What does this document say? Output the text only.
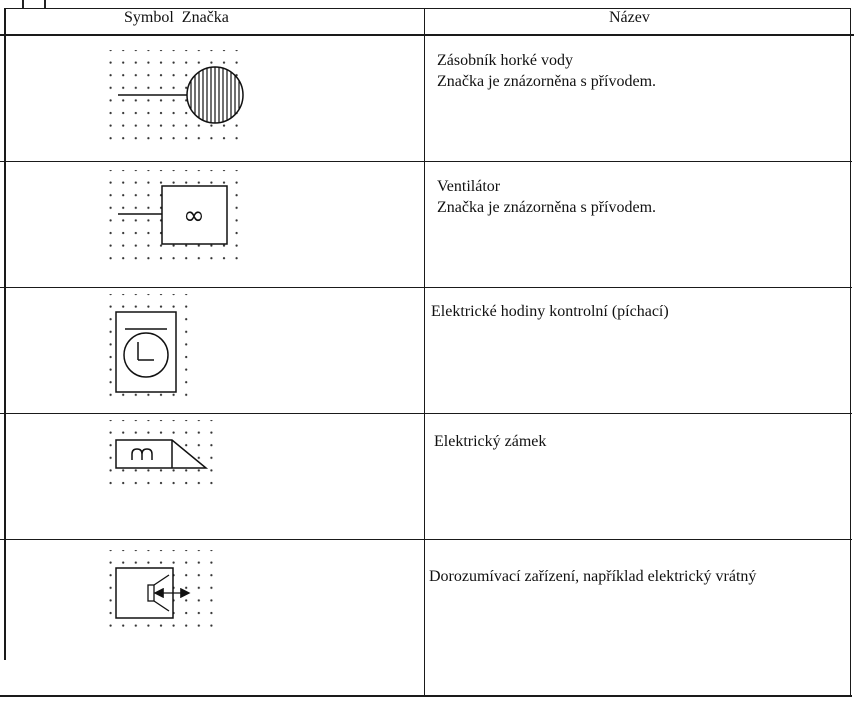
Symbol Značka	Název
Zásobník horké vody
Značka je znázorněna s přívodem.
∞
Ventilátor
Značka je znázorněna s přívodem.
Elektrické hodiny kontrolní (píchací)
Elektrický zámek
Dorozumívací zařízení, například elektrický vrátný
